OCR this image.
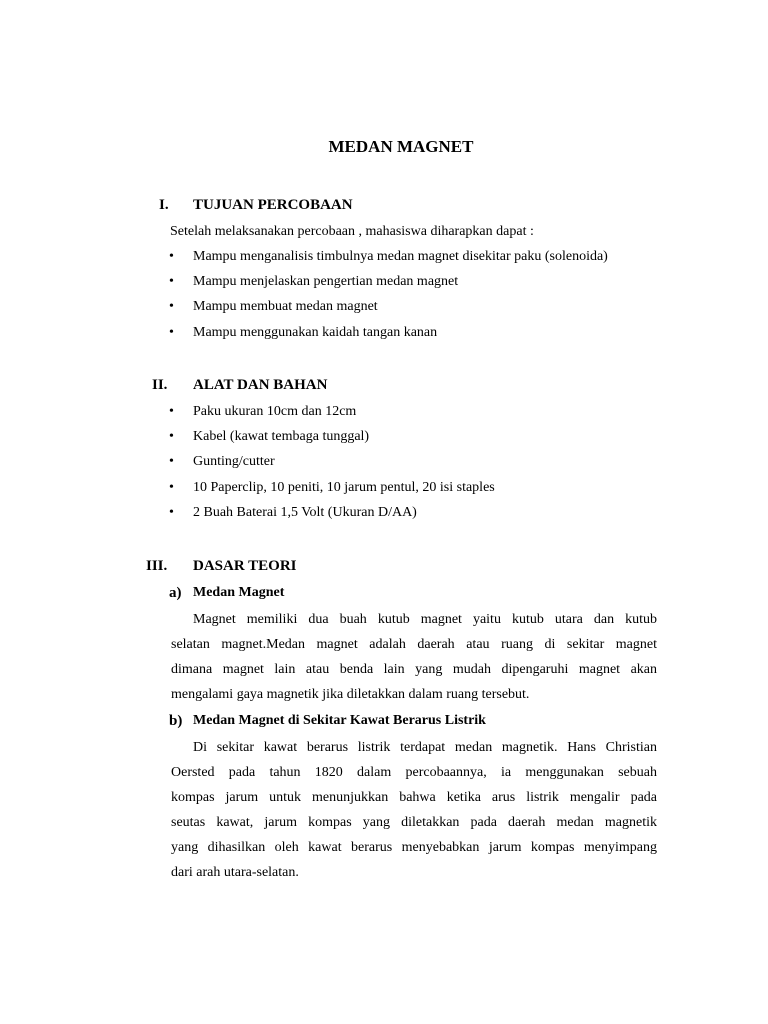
MEDAN MAGNET
I. TUJUAN PERCOBAAN
Setelah melaksanakan percobaan , mahasiswa diharapkan dapat :
• Mampu menganalisis timbulnya medan magnet disekitar paku (solenoida)
• Mampu menjelaskan pengertian medan magnet
• Mampu membuat medan magnet
• Mampu menggunakan kaidah tangan kanan
II. ALAT DAN BAHAN
• Paku ukuran 10cm dan 12cm
• Kabel (kawat tembaga tunggal)
• Gunting/cutter
• 10 Paperclip, 10 peniti, 10 jarum pentul, 20 isi staples
• 2 Buah Baterai 1,5 Volt (Ukuran D/AA)
III. DASAR TEORI
a) Medan Magnet
Magnet memiliki dua buah kutub magnet yaitu kutub utara dan kutub
selatan magnet.Medan magnet adalah daerah atau ruang di sekitar magnet
dimana magnet lain atau benda lain yang mudah dipengaruhi magnet akan
mengalami gaya magnetik jika diletakkan dalam ruang tersebut.
b) Medan Magnet di Sekitar Kawat Berarus Listrik
Di sekitar kawat berarus listrik terdapat medan magnetik. Hans Christian
Oersted pada tahun 1820 dalam percobaannya, ia menggunakan sebuah
kompas jarum untuk menunjukkan bahwa ketika arus listrik mengalir pada
seutas kawat, jarum kompas yang diletakkan pada daerah medan magnetik
yang dihasilkan oleh kawat berarus menyebabkan jarum kompas menyimpang
dari arah utara-selatan.
